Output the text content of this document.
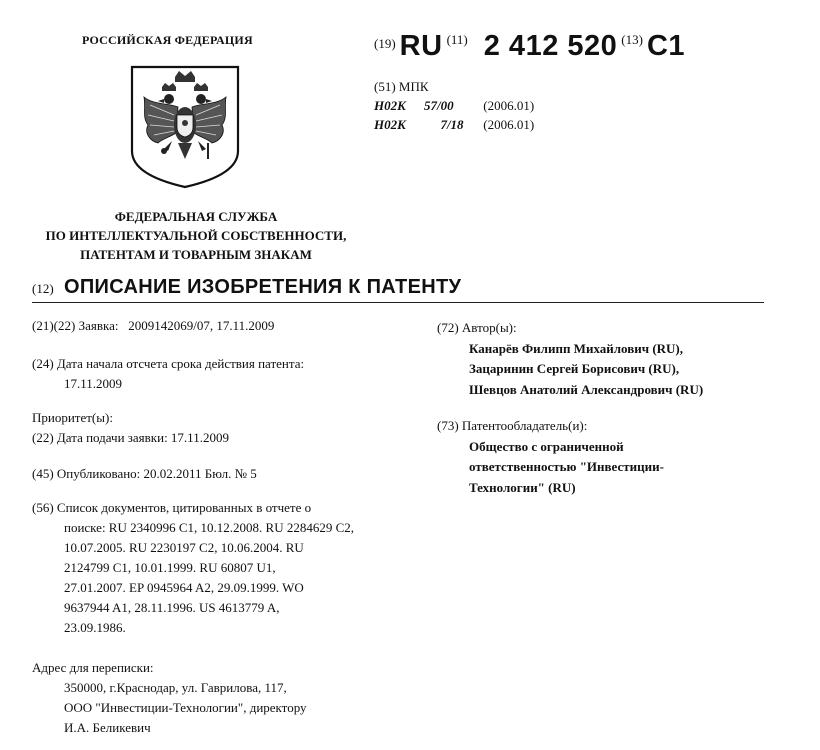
РОССИЙСКАЯ ФЕДЕРАЦИЯ
ФЕДЕРАЛЬНАЯ СЛУЖБА
ПО ИНТЕЛЛЕКТУАЛЬНОЙ СОБСТВЕННОСТИ,
ПАТЕНТАМ И ТОВАРНЫМ ЗНАКАМ
$^{(19)}$ RU $^{(11)}$ 2 412 520 $^{(13)}$ C1
(51) МПК
H02K 57/00 (2006.01)
H02K	7/18 (2006.01)
(12) ОПИСАНИЕ ИЗОБРЕТЕНИЯ К ПАТЕНТУ
(21)(22) Заявка: 2009142069/07, 17.11.2009
(24) Дата начала отсчета срока действия патента:
17.11.2009
Приоритет(ы):
(22) Дата подачи заявки: 17.11.2009
(45) Опубликовано: 20.02.2011 Бюл. № 5
(56) Список документов, цитированных в отчете о
поиске: RU 2340996 C1, 10.12.2008. RU 2284629 C2,
10.07.2005. RU 2230197 C2, 10.06.2004. RU
2124799 C1, 10.01.1999. RU 60807 U1,
27.01.2007. EP 0945964 A2, 29.09.1999. WO
9637944 A1, 28.11.1996. US 4613779 A,
23.09.1986.
Адрес для переписки:
350000, г.Краснодар, ул. Гаврилова, 117,
ООО "Инвестиции-Технологии", директору
И.А. Беликевич
(72) Автор(ы):
Канарёв Филипп Михайлович (RU),
Зацаринин Сергей Борисович (RU),
Шевцов Анатолий Александрович (RU)
(73) Патентообладатель(и):
Общество с ограниченной
ответственностью "Инвестиции-
Технологии" (RU)
